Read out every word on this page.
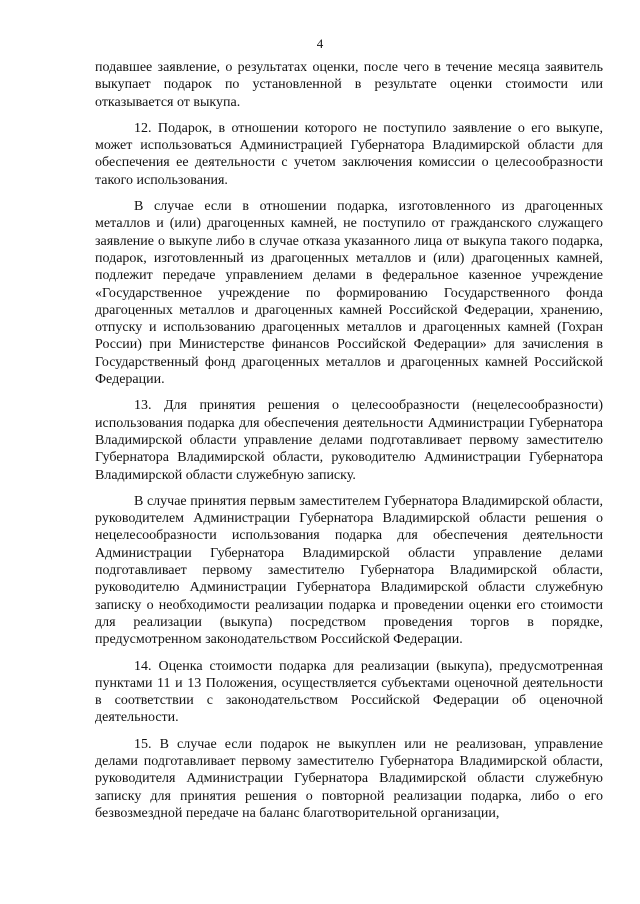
4

подавшее заявление, о результатах оценки, после чего в течение месяца заявитель выкупает подарок по установленной в результате оценки стоимости или отказывается от выкупа.

12. Подарок, в отношении которого не поступило заявление о его выкупе, может использоваться Администрацией Губернатора Владимирской области для обеспечения ее деятельности с учетом заключения комиссии о целесообразности такого использования.

В случае если в отношении подарка, изготовленного из драгоценных металлов и (или) драгоценных камней, не поступило от гражданского служащего заявление о выкупе либо в случае отказа указанного лица от выкупа такого подарка, подарок, изготовленный из драгоценных металлов и (или) драгоценных камней, подлежит передаче управлением делами в федеральное казенное учреждение «Государственное учреждение по формированию Государственного фонда драгоценных металлов и драгоценных камней Российской Федерации, хранению, отпуску и использованию драгоценных металлов и драгоценных камней (Гохран России) при Министерстве финансов Российской Федерации» для зачисления в Государственный фонд драгоценных металлов и драгоценных камней Российской Федерации.

13. Для принятия решения о целесообразности (нецелесообразности) использования подарка для обеспечения деятельности Администрации Губернатора Владимирской области управление делами подготавливает первому заместителю Губернатора Владимирской области, руководителю Администрации Губернатора Владимирской области служебную записку.

В случае принятия первым заместителем Губернатора Владимирской области, руководителем Администрации Губернатора Владимирской области решения о нецелесообразности использования подарка для обеспечения деятельности Администрации Губернатора Владимирской области управление делами подготавливает первому заместителю Губернатора Владимирской области, руководителю Администрации Губернатора Владимирской области служебную записку о необходимости реализации подарка и проведении оценки его стоимости для реализации (выкупа) посредством проведения торгов в порядке, предусмотренном законодательством Российской Федерации.

14. Оценка стоимости подарка для реализации (выкупа), предусмотренная пунктами 11 и 13 Положения, осуществляется субъектами оценочной деятельности в соответствии с законодательством Российской Федерации об оценочной деятельности.

15. В случае если подарок не выкуплен или не реализован, управление делами подготавливает первому заместителю Губернатора Владимирской области, руководителя Администрации Губернатора Владимирской области служебную записку для принятия решения о повторной реализации подарка, либо о его безвозмездной передаче на баланс благотворительной организации,
